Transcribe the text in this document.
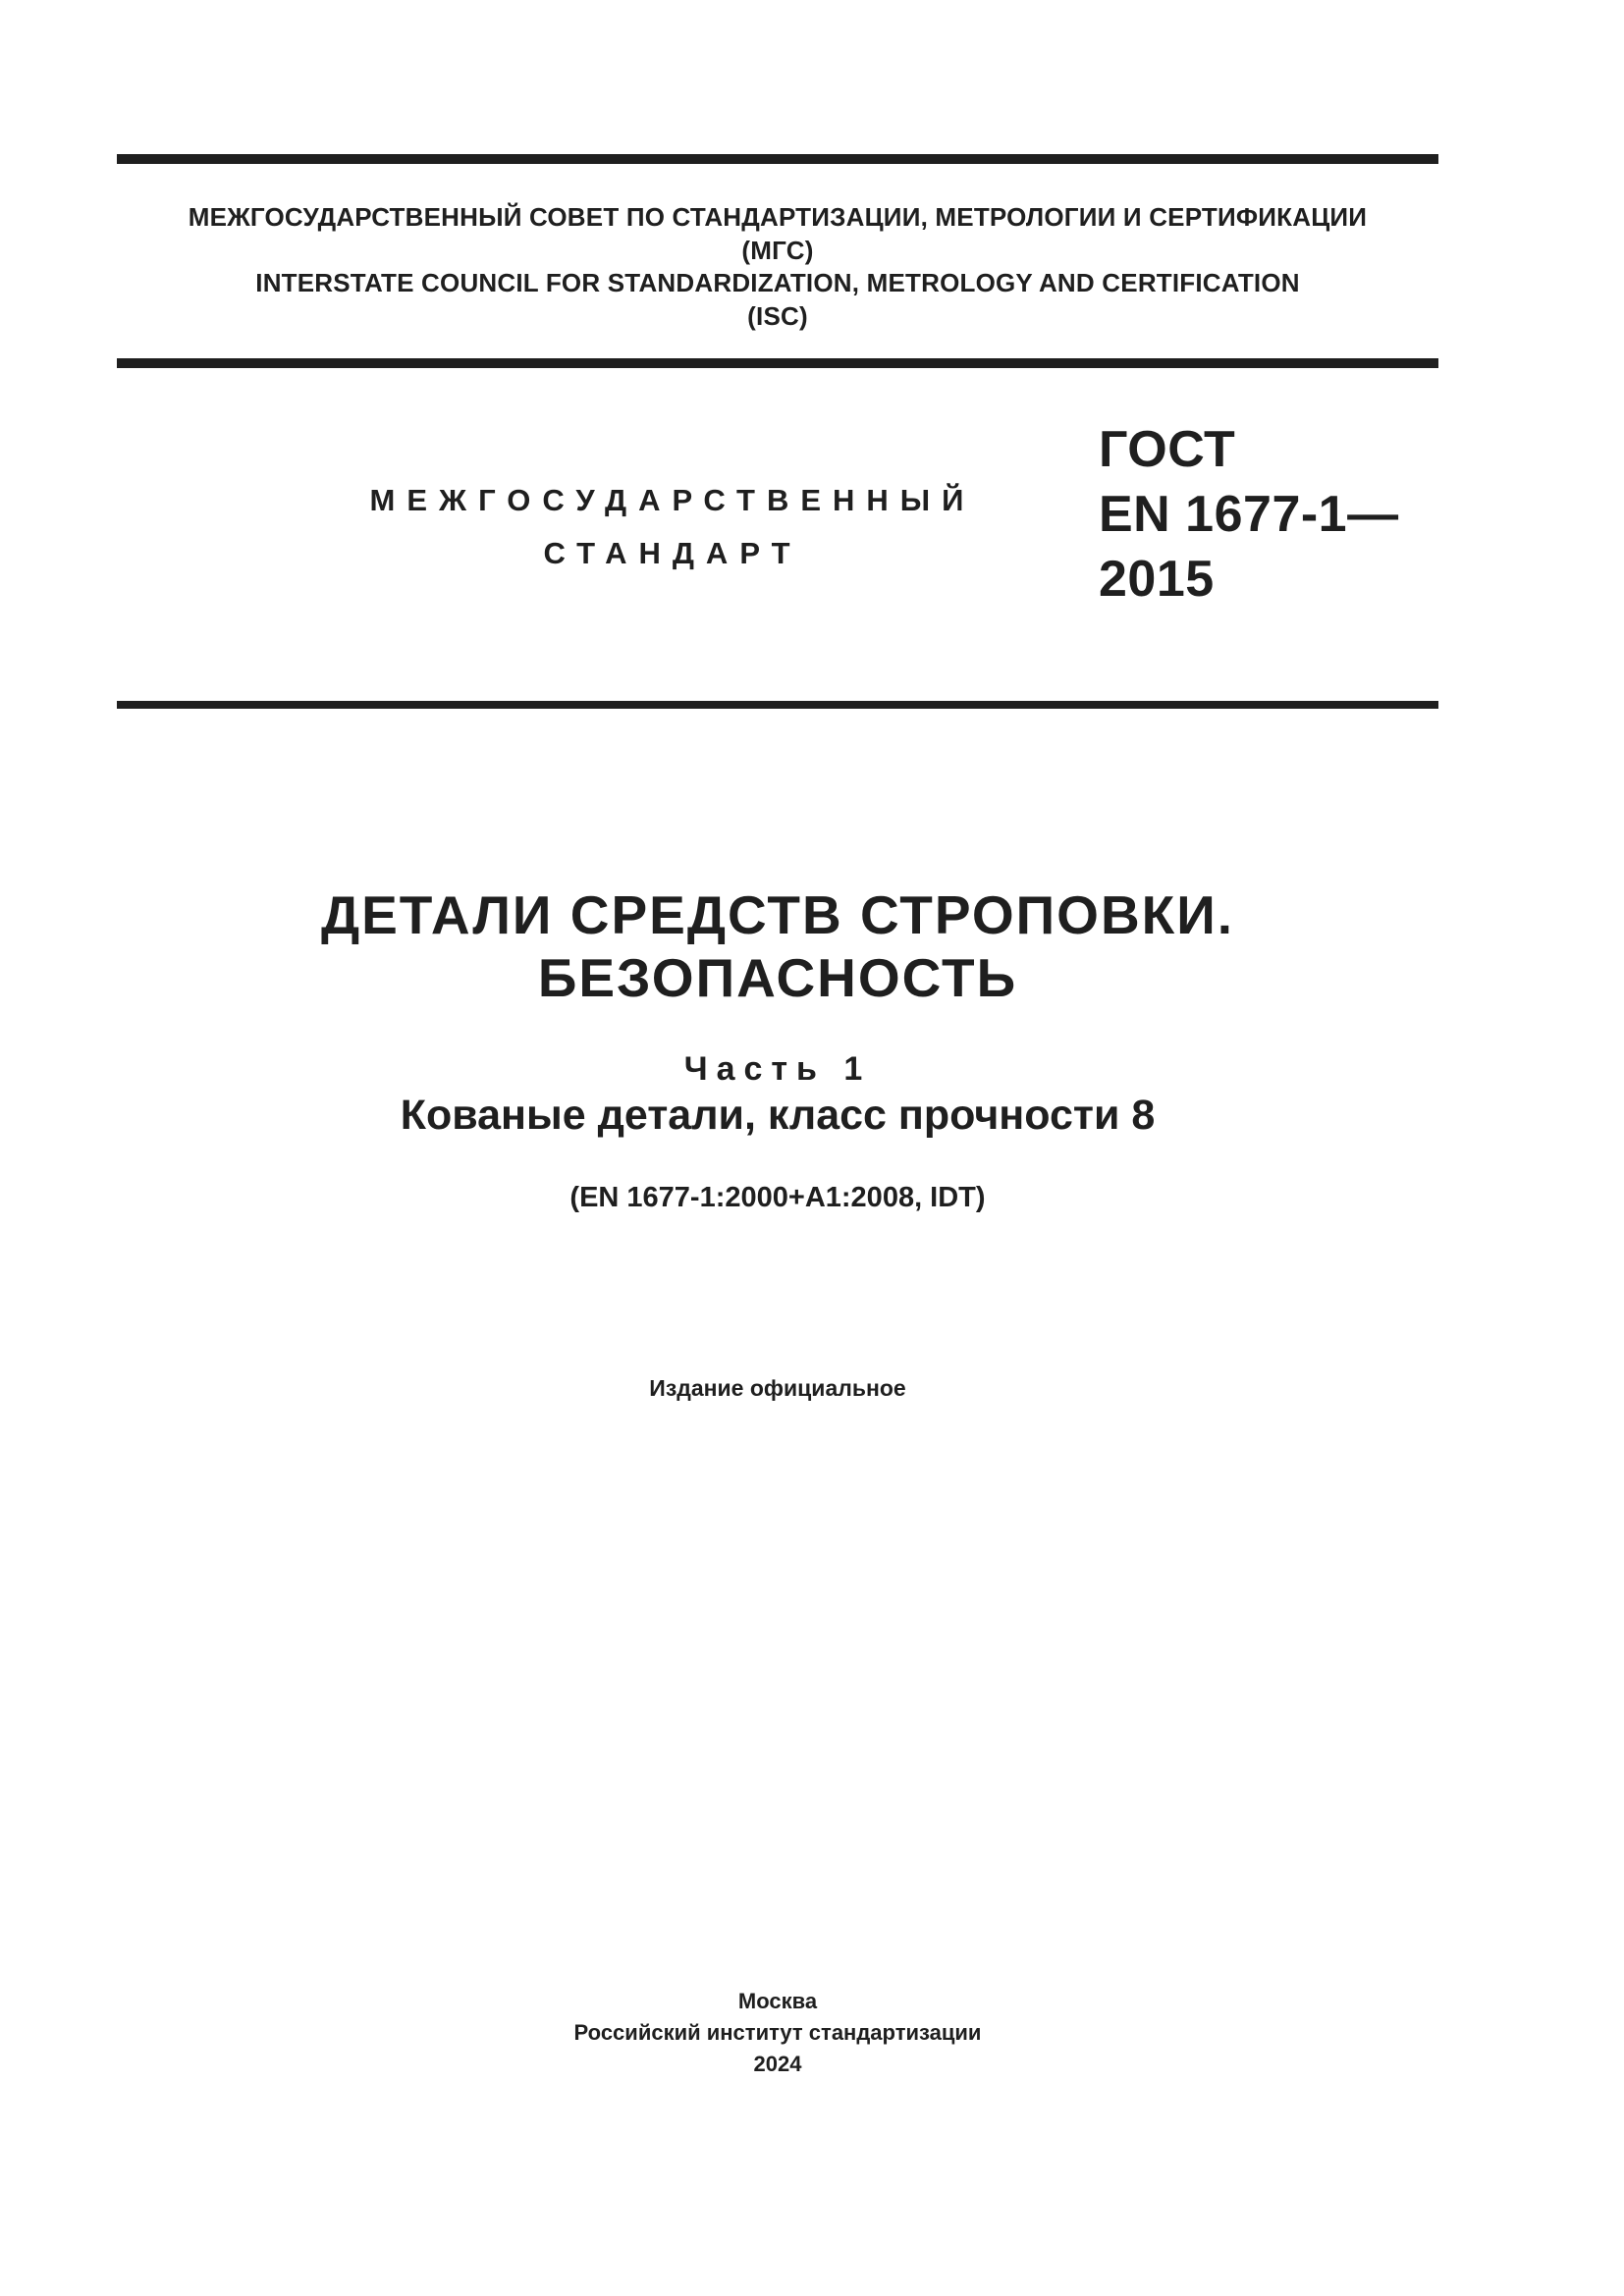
МЕЖГОСУДАРСТВЕННЫЙ СОВЕТ ПО СТАНДАРТИЗАЦИИ, МЕТРОЛОГИИ И СЕРТИФИКАЦИИ
(МГС)
INTERSTATE COUNCIL FOR STANDARDIZATION, METROLOGY AND CERTIFICATION
(ISC)
МЕЖГОСУДАРСТВЕННЫЙ
СТАНДАРТ
ГОСТ
EN 1677-1—
2015
ДЕТАЛИ СРЕДСТВ СТРОПОВКИ.
БЕЗОПАСНОСТЬ
Часть 1
Кованые детали, класс прочности 8
(EN 1677-1:2000+A1:2008, IDT)
Издание официальное
Москва
Российский институт стандартизации
2024
